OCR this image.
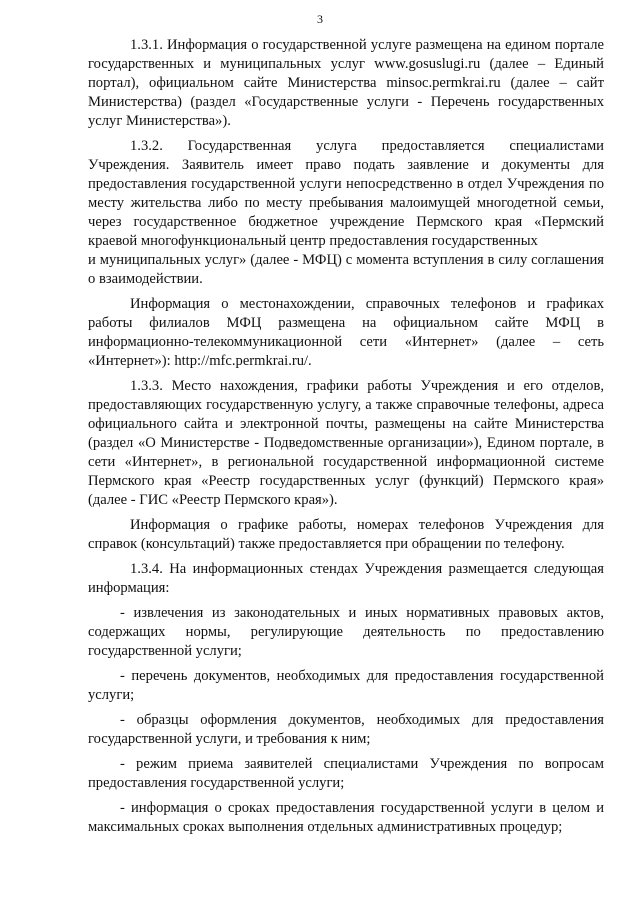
3

1.3.1. Информация о государственной услуге размещена на едином портале государственных и муниципальных услуг www.gosuslugi.ru (далее – Единый портал), официальном сайте Министерства minsoc.permkrai.ru (далее – сайт Министерства) (раздел «Государственные услуги - Перечень государственных услуг Министерства»).

1.3.2. Государственная услуга предоставляется специалистами Учреждения. Заявитель имеет право подать заявление и документы для предоставления государственной услуги непосредственно в отдел Учреждения по месту жительства либо по месту пребывания малоимущей многодетной семьи, через государственное бюджетное учреждение Пермского края «Пермский краевой многофункциональный центр предоставления государственных

и муниципальных услуг» (далее - МФЦ) с момента вступления в силу соглашения о взаимодействии.

Информация о местонахождении, справочных телефонов и графиках работы филиалов МФЦ размещена на официальном сайте МФЦ в информационно-телекоммуникационной сети «Интернет» (далее – сеть «Интернет»): http://mfc.permkrai.ru/.

1.3.3. Место нахождения, графики работы Учреждения и его отделов, предоставляющих государственную услугу, а также справочные телефоны, адреса официального сайта и электронной почты, размещены на сайте Министерства (раздел «О Министерстве - Подведомственные организации»), Едином портале, в сети «Интернет», в региональной государственной информационной системе Пермского края «Реестр государственных услуг (функций) Пермского края» (далее - ГИС «Реестр Пермского края»).

Информация о графике работы, номерах телефонов Учреждения для справок (консультаций) также предоставляется при обращении по телефону.

1.3.4. На информационных стендах Учреждения размещается следующая информация:

- извлечения из законодательных и иных нормативных правовых актов, содержащих нормы, регулирующие деятельность по предоставлению государственной услуги;

- перечень документов, необходимых для предоставления государственной услуги;

- образцы оформления документов, необходимых для предоставления государственной услуги, и требования к ним;

- режим приема заявителей специалистами Учреждения по вопросам предоставления государственной услуги;

- информация о сроках предоставления государственной услуги в целом и максимальных сроках выполнения отдельных административных процедур;
